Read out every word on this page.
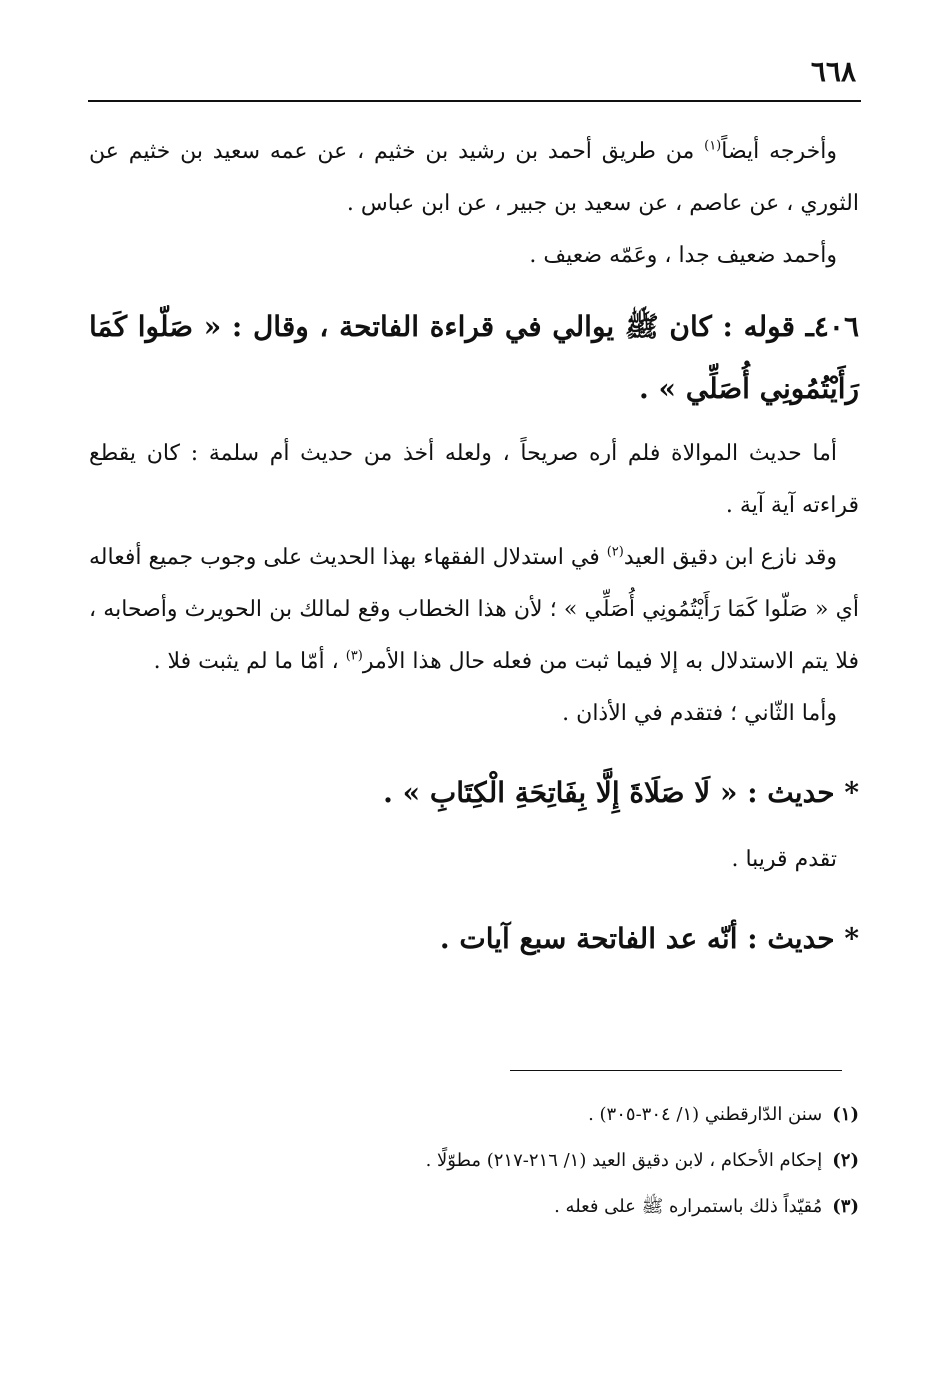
٦٦٨

وأخرجه أيضاً$^{(١)}$ من طريق أحمد بن رشيد بن خثيم ، عن عمه سعيد بن خثيم عن الثوري ، عن عاصم ، عن سعيد بن جبير ، عن ابن عباس .

وأحمد ضعيف جدا ، وعَمّه ضعيف .

٤٠٦ـ قوله : كان ﷺ يوالي في قراءة الفاتحة ، وقال : « صَلّوا كَمَا رَأَيْتُمُونِي أُصَلِّي » .

أما حديث الموالاة فلم أره صريحاً ، ولعله أخذ من حديث أم سلمة : كان يقطع قراءته آية آية .

وقد نازع ابن دقيق العيد$^{(٢)}$ في استدلال الفقهاء بهذا الحديث على وجوب جميع أفعاله أي « صَلّوا كَمَا رَأَيْتُمُونِي أُصَلِّي » ؛ لأن هذا الخطاب وقع لمالك بن الحويرث وأصحابه ، فلا يتم الاستدلال به إلا فيما ثبت من فعله حال هذا الأمر$^{(٣)}$ ، أمّا ما لم يثبت فلا .

وأما الثّاني ؛ فتقدم في الأذان .

* حديث : « لَا صَلَاةَ إِلَّا بِفَاتِحَةِ الْكِتَابِ » .

تقدم قريبا .

* حديث : أنّه عد الفاتحة سبع آيات .

(١)سنن الدّارقطني (١/ ٣٠٤-٣٠٥) .

(٢)إحكام الأحكام ، لابن دقيق العيد (١/ ٢١٦-٢١٧) مطوّلًا .

(٣)مُقيّداً ذلك باستمراره ﷺ على فعله .
